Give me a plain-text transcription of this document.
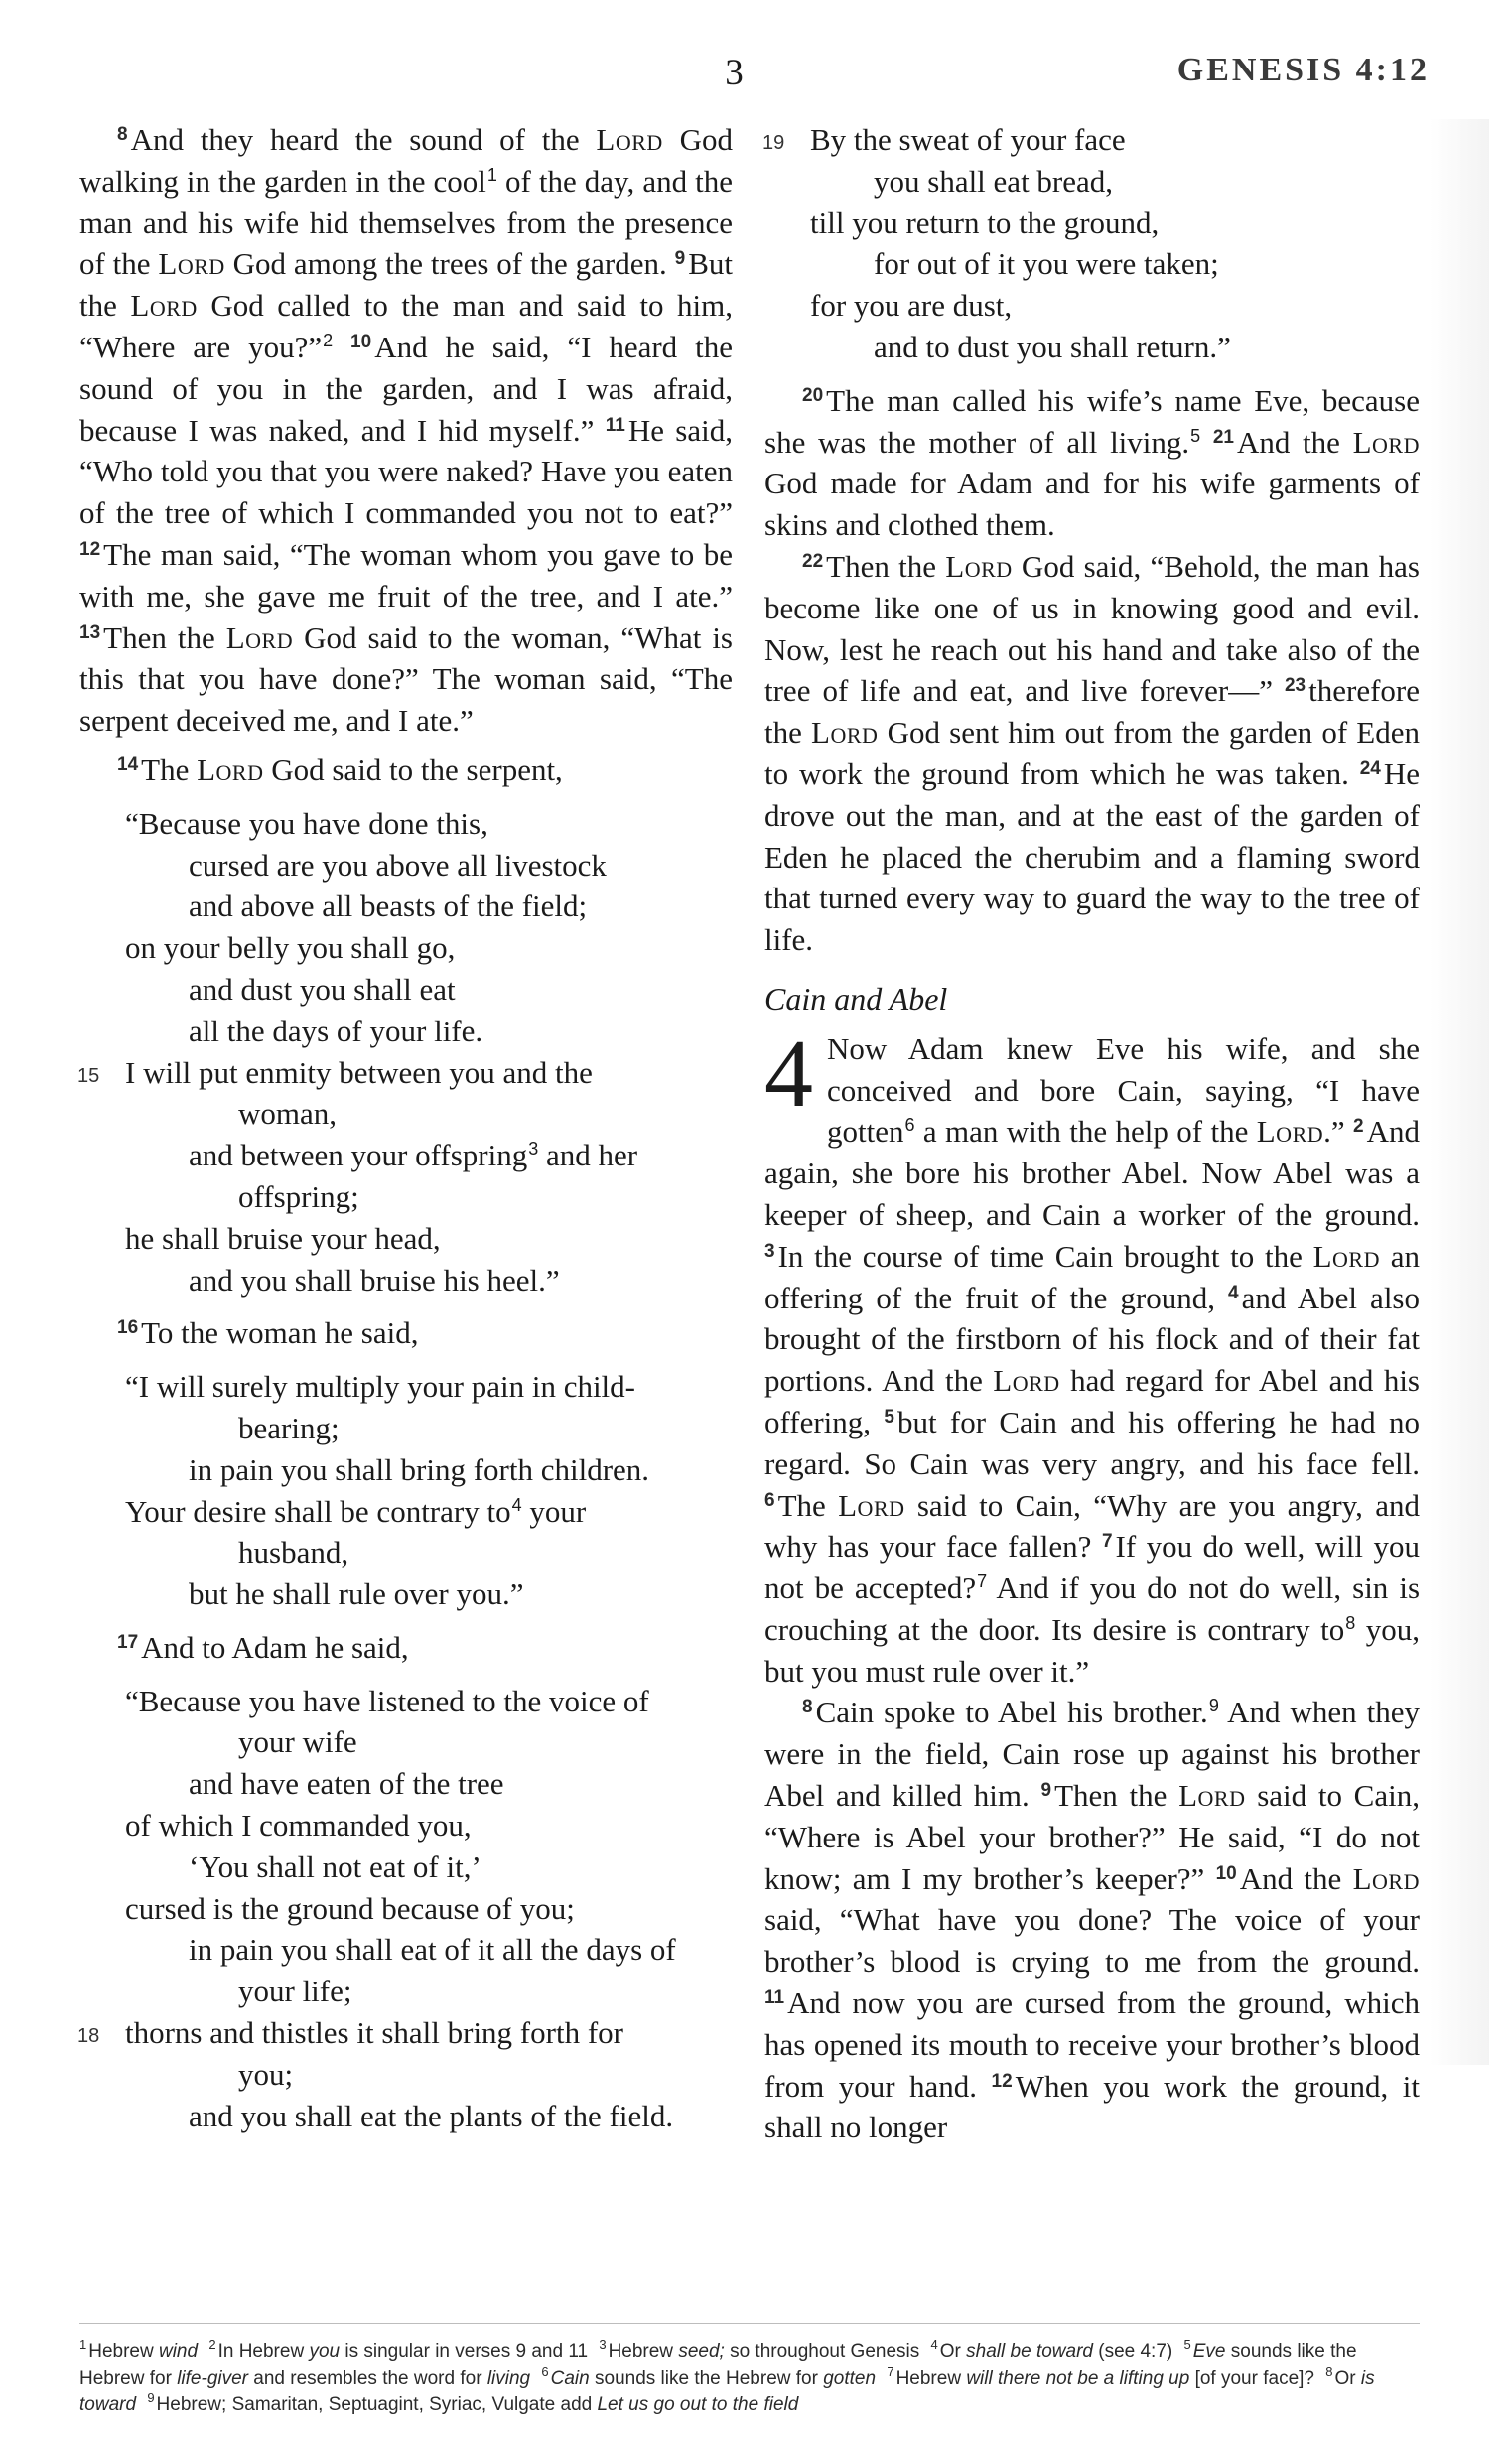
3	GENESIS 4:12

$^8$And they heard the sound of the Lord God walking in the garden in the cool$^1$ of the day, and the man and his wife hid themselves from the presence of the Lord God among the trees of the garden. $^9$But the Lord God called to the man and said to him, “Where are you?”$^2$ $^{10}$And he said, “I heard the sound of you in the garden, and I was afraid, because I was naked, and I hid myself.” $^{11}$He said, “Who told you that you were naked? Have you eaten of the tree of which I commanded you not to eat?” $^{12}$The man said, “The woman whom you gave to be with me, she gave me fruit of the tree, and I ate.” $^{13}$Then the Lord God said to the woman, “What is this that you have done?” The woman said, “The serpent deceived me, and I ate.”

$^{14}$The Lord God said to the serpent,

“Because you have done this,
cursed are you above all livestock
and above all beasts of the field;
on your belly you shall go,
and dust you shall eat
all the days of your life.
15 I will put enmity between you and the
woman,
and between your offspring$^3$ and her
offspring;
he shall bruise your head,
and you shall bruise his heel.”

$^{16}$To the woman he said,

“I will surely multiply your pain in child-
bearing;
in pain you shall bring forth children.
Your desire shall be contrary to$^4$ your
husband,
but he shall rule over you.”

$^{17}$And to Adam he said,

“Because you have listened to the voice of
your wife
and have eaten of the tree
of which I commanded you,
‘You shall not eat of it,’
cursed is the ground because of you;
in pain you shall eat of it all the days of
your life;
18 thorns and thistles it shall bring forth for
you;
and you shall eat the plants of the field.
19 By the sweat of your face
you shall eat bread,
till you return to the ground,
for out of it you were taken;
for you are dust,
and to dust you shall return.”

$^{20}$The man called his wife’s name Eve, because she was the mother of all living.$^5$ $^{21}$And the Lord God made for Adam and for his wife garments of skins and clothed them.

$^{22}$Then the Lord God said, “Behold, the man has become like one of us in knowing good and evil. Now, lest he reach out his hand and take also of the tree of life and eat, and live forever—” $^{23}$therefore the Lord God sent him out from the garden of Eden to work the ground from which he was taken. $^{24}$He drove out the man, and at the east of the garden of Eden he placed the cherubim and a flaming sword that turned every way to guard the way to the tree of life.

Cain and Abel

4 Now Adam knew Eve his wife, and she conceived and bore Cain, saying, “I have gotten$^6$ a man with the help of the Lord.” $^2$And again, she bore his brother Abel. Now Abel was a keeper of sheep, and Cain a worker of the ground. $^3$In the course of time Cain brought to the Lord an offering of the fruit of the ground, $^4$and Abel also brought of the firstborn of his flock and of their fat portions. And the Lord had regard for Abel and his offering, $^5$but for Cain and his offering he had no regard. So Cain was very angry, and his face fell. $^6$The Lord said to Cain, “Why are you angry, and why has your face fallen? $^7$If you do well, will you not be accepted?$^7$ And if you do not do well, sin is crouching at the door. Its desire is contrary to$^8$ you, but you must rule over it.”

$^8$Cain spoke to Abel his brother.$^9$ And when they were in the field, Cain rose up against his brother Abel and killed him. $^9$Then the Lord said to Cain, “Where is Abel your brother?” He said, “I do not know; am I my brother’s keeper?” $^{10}$And the Lord said, “What have you done? The voice of your brother’s blood is crying to me from the ground. $^{11}$And now you are cursed from the ground, which has opened its mouth to receive your brother’s blood from your hand. $^{12}$When you work the ground, it shall no longer

$^1$ Hebrew wind $^2$ In Hebrew you is singular in verses 9 and 11 $^3$ Hebrew seed; so throughout Genesis $^4$ Or shall be toward (see 4:7) $^5$ Eve sounds like the Hebrew for life-giver and resembles the word for living $^6$ Cain sounds like the Hebrew for gotten $^7$ Hebrew will there not be a lifting up [of your face]? $^8$ Or is toward $^9$ Hebrew; Samaritan, Septuagint, Syriac, Vulgate add Let us go out to the field
